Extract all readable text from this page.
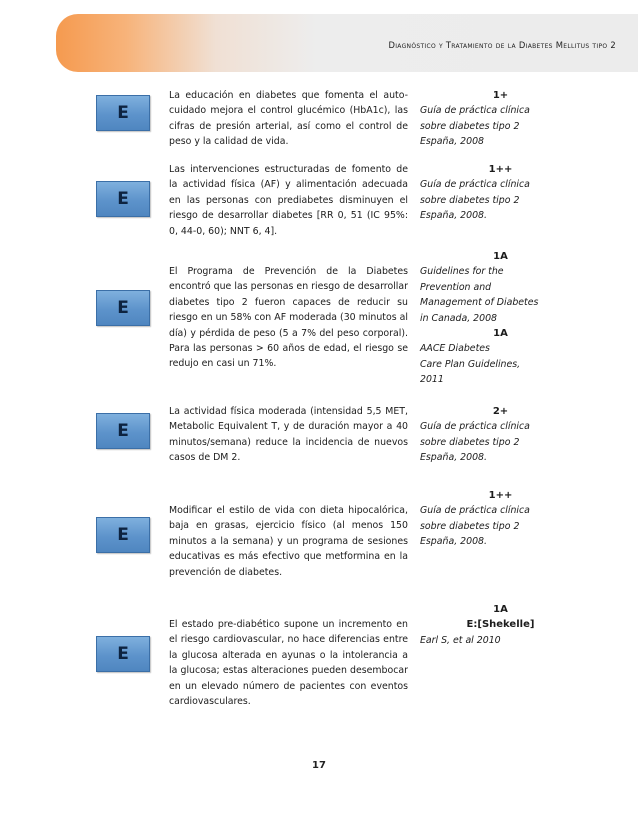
Diagnóstico y Tratamiento de la Diabetes Mellitus tipo 2
E
La educación en diabetes que fomenta el auto-cuidado mejora el control glucémico (HbA1c), las cifras de presión arterial, así como el control de peso y la calidad de vida.
1+
Guía de práctica clínica
sobre diabetes tipo 2
España, 2008
E
Las intervenciones estructuradas de fomento de la actividad física (AF) y alimentación adecuada en las personas con prediabetes disminuyen el riesgo de desarrollar diabetes [RR 0, 51 (IC 95%: 0, 44-0, 60); NNT 6, 4].
1++
Guía de práctica clínica
sobre diabetes tipo 2
España, 2008.
E
El Programa de Prevención de la Diabetes encontró que las personas en riesgo de desarrollar diabetes tipo 2 fueron capaces de reducir su riesgo en un 58% con AF moderada (30 minutos al día) y pérdida de peso (5 a 7% del peso corporal). Para las personas > 60 años de edad, el riesgo se redujo en casi un 71%.
1A
Guidelines for the
Prevention and
Management of Diabetes
in Canada, 2008
1A
AACE Diabetes
Care Plan Guidelines,
2011
E
La actividad física moderada (intensidad 5,5 MET, Metabolic Equivalent T, y de duración mayor a 40 minutos/semana) reduce la incidencia de nuevos casos de DM 2.
2+
Guía de práctica clínica
sobre diabetes tipo 2
España, 2008.
E
Modificar el estilo de vida con dieta hipocalórica, baja en grasas, ejercicio físico (al menos 150 minutos a la semana) y un programa de sesiones educativas es más efectivo que metformina en la prevención de diabetes.
1++
Guía de práctica clínica
sobre diabetes tipo 2
España, 2008.
E
El estado pre-diabético supone un incremento en el riesgo cardiovascular, no hace diferencias entre la glucosa alterada en ayunas o la intolerancia a la glucosa; estas alteraciones pueden desembocar en un elevado número de pacientes con eventos cardiovasculares.
1A
E:[Shekelle]
Earl S, et al 2010
17
